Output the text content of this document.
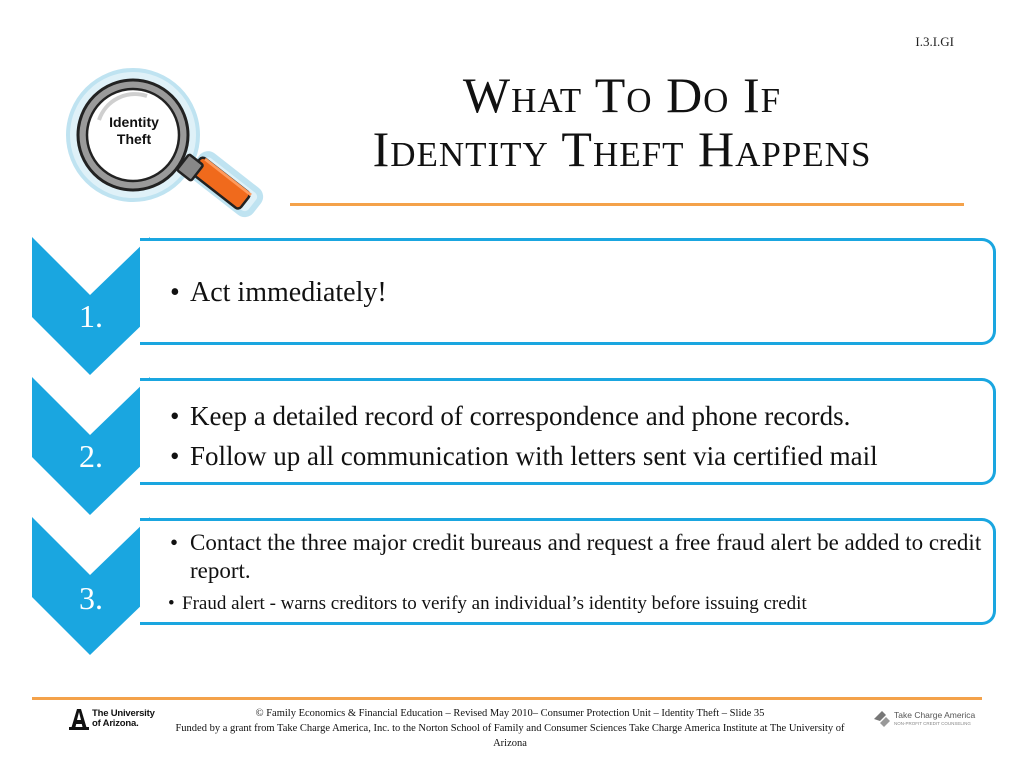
I.3.I.GI
What To Do If
Identity Theft Happens
Identity
Theft
1.
• Act immediately!
2.
• Keep a detailed record of correspondence and phone records.
• Follow up all communication with letters sent via certified mail
3.
• Contact the three major credit bureaus and request a free fraud alert be added to credit report.
• Fraud alert - warns creditors to verify an individual’s identity before issuing credit
The University
of Arizona.
© Family Economics & Financial Education – Revised May 2010– Consumer Protection Unit – Identity Theft – Slide 35
Funded by a grant from Take Charge America, Inc. to the Norton School of Family and Consumer Sciences Take Charge America Institute at The University of Arizona
Take Charge America
NON-PROFIT CREDIT COUNSELING
